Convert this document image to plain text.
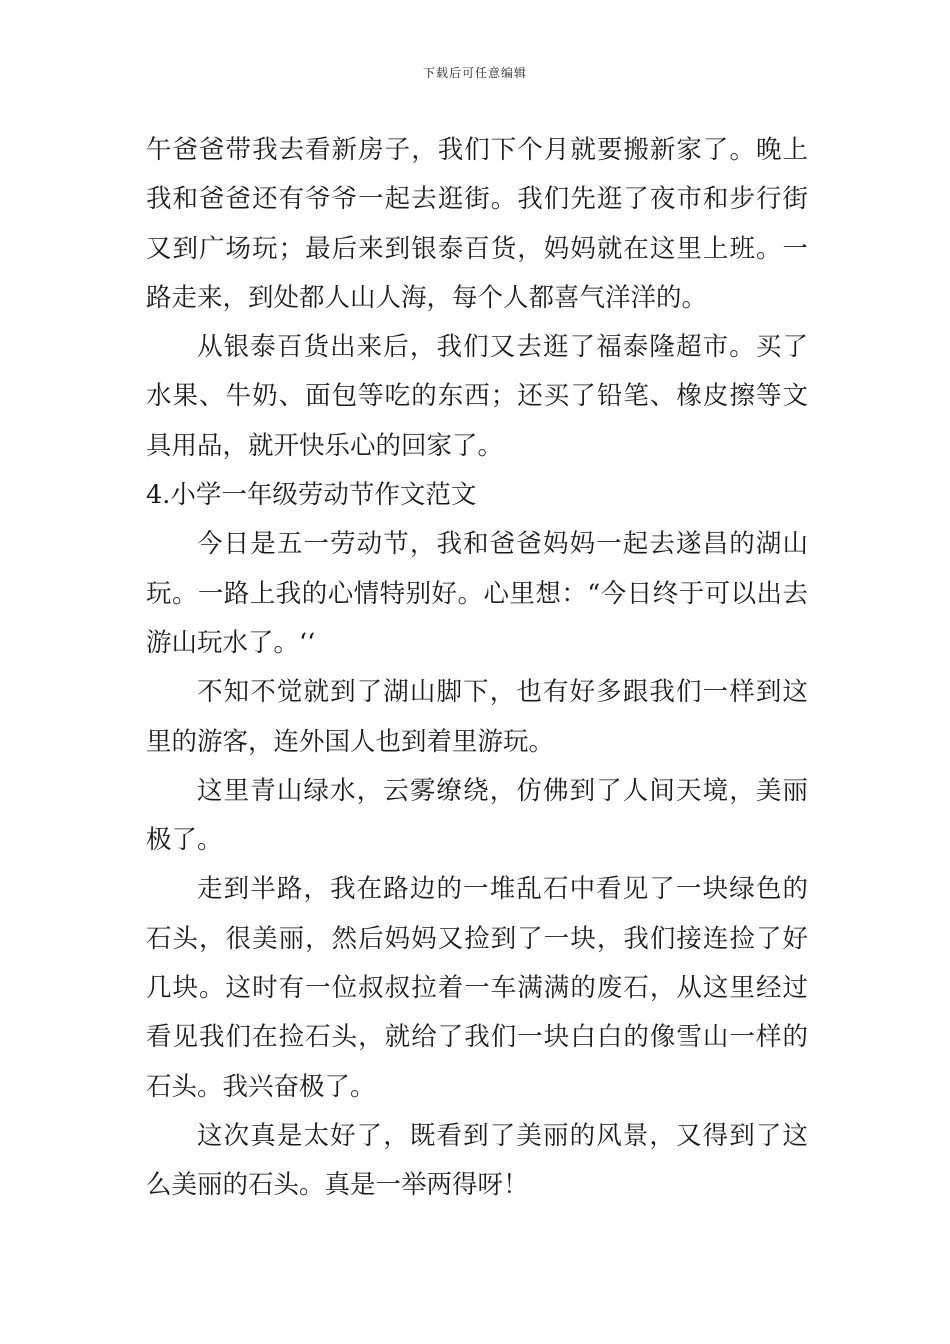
下载后可任意编辑

午爸爸带我去看新房子，我们下个月就要搬新家了。晚上我和爸爸还有爷爷一起去逛街。我们先逛了夜市和步行街又到广场玩；最后来到银泰百货，妈妈就在这里上班。一路走来，到处都人山人海，每个人都喜气洋洋的。

从银泰百货出来后，我们又去逛了福泰隆超市。买了水果、牛奶、面包等吃的东西；还买了铅笔、橡皮擦等文具用品，就开快乐心的回家了。

4.小学一年级劳动节作文范文

今日是五一劳动节，我和爸爸妈妈一起去遂昌的湖山玩。一路上我的心情特别好。心里想：“今日终于可以出去游山玩水了。‘‘

不知不觉就到了湖山脚下，也有好多跟我们一样到这里的游客，连外国人也到着里游玩。

这里青山绿水，云雾缭绕，仿佛到了人间天境，美丽极了。

走到半路，我在路边的一堆乱石中看见了一块绿色的石头，很美丽，然后妈妈又捡到了一块，我们接连捡了好几块。这时有一位叔叔拉着一车满满的废石，从这里经过看见我们在捡石头，就给了我们一块白白的像雪山一样的石头。我兴奋极了。

这次真是太好了，既看到了美丽的风景，又得到了这么美丽的石头。真是一举两得呀！
